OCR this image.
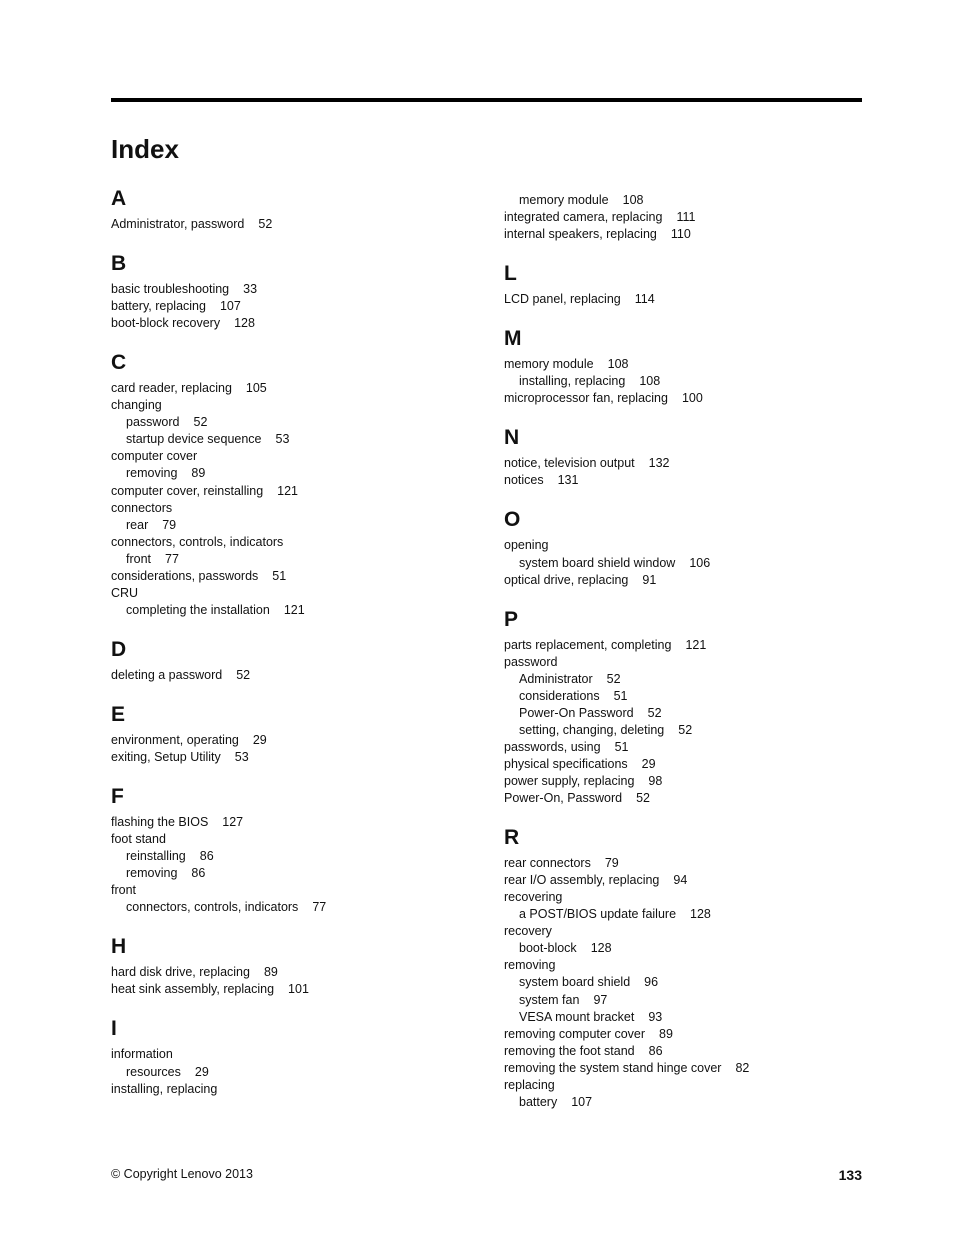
Index
A
Administrator, password 52
B
basic troubleshooting 33
battery, replacing 107
boot-block recovery 128
C
card reader, replacing 105
changing
password 52
startup device sequence 53
computer cover
removing 89
computer cover, reinstalling 121
connectors
rear 79
connectors, controls, indicators
front 77
considerations, passwords 51
CRU
completing the installation 121
D
deleting a password 52
E
environment, operating 29
exiting, Setup Utility 53
F
flashing the BIOS 127
foot stand
reinstalling 86
removing 86
front
connectors, controls, indicators 77
H
hard disk drive, replacing 89
heat sink assembly, replacing 101
I
information
resources 29
installing, replacing
memory module 108
integrated camera, replacing 111
internal speakers, replacing 110
L
LCD panel, replacing 114
M
memory module 108
installing, replacing 108
microprocessor fan, replacing 100
N
notice, television output 132
notices 131
O
opening
system board shield window 106
optical drive, replacing 91
P
parts replacement, completing 121
password
Administrator 52
considerations 51
Power-On Password 52
setting, changing, deleting 52
passwords, using 51
physical specifications 29
power supply, replacing 98
Power-On, Password 52
R
rear connectors 79
rear I/O assembly, replacing 94
recovering
a POST/BIOS update failure 128
recovery
boot-block 128
removing
system board shield 96
system fan 97
VESA mount bracket 93
removing computer cover 89
removing the foot stand 86
removing the system stand hinge cover 82
replacing
battery 107
© Copyright Lenovo 2013	133
